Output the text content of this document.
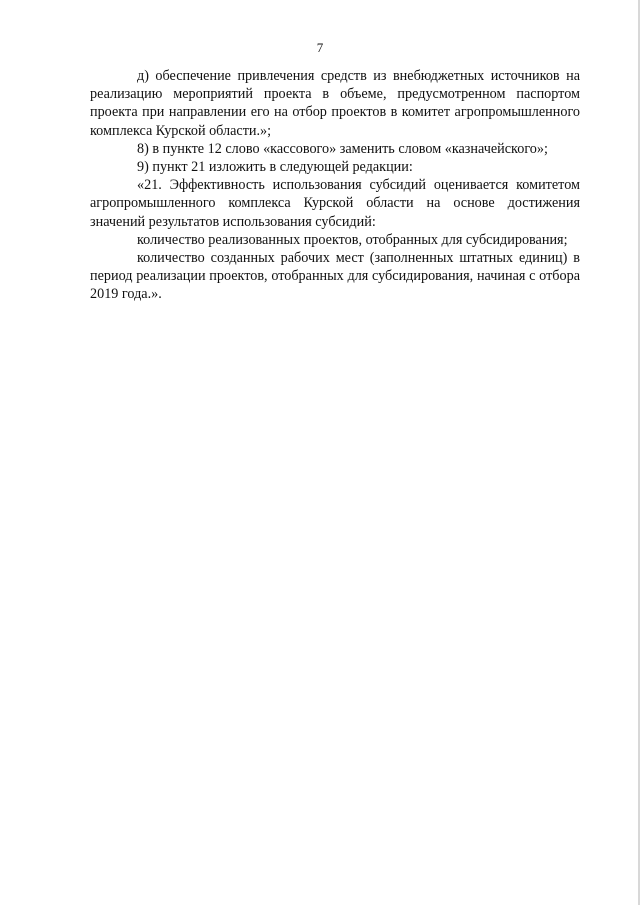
7

д) обеспечение привлечения средств из внебюджетных источников на реализацию мероприятий проекта в объеме, предусмотренном паспортом проекта при направлении его на отбор проектов в комитет агропромышленного комплекса Курской области.»;

8) в пункте 12 слово «кассового» заменить словом «казначейского»;

9) пункт 21 изложить в следующей редакции:

«21. Эффективность использования субсидий оценивается комитетом агропромышленного комплекса Курской области на основе достижения значений результатов использования субсидий:

количество реализованных проектов, отобранных для субсидирования;

количество созданных рабочих мест (заполненных штатных единиц) в период реализации проектов, отобранных для субсидирования, начиная с отбора 2019 года.».
